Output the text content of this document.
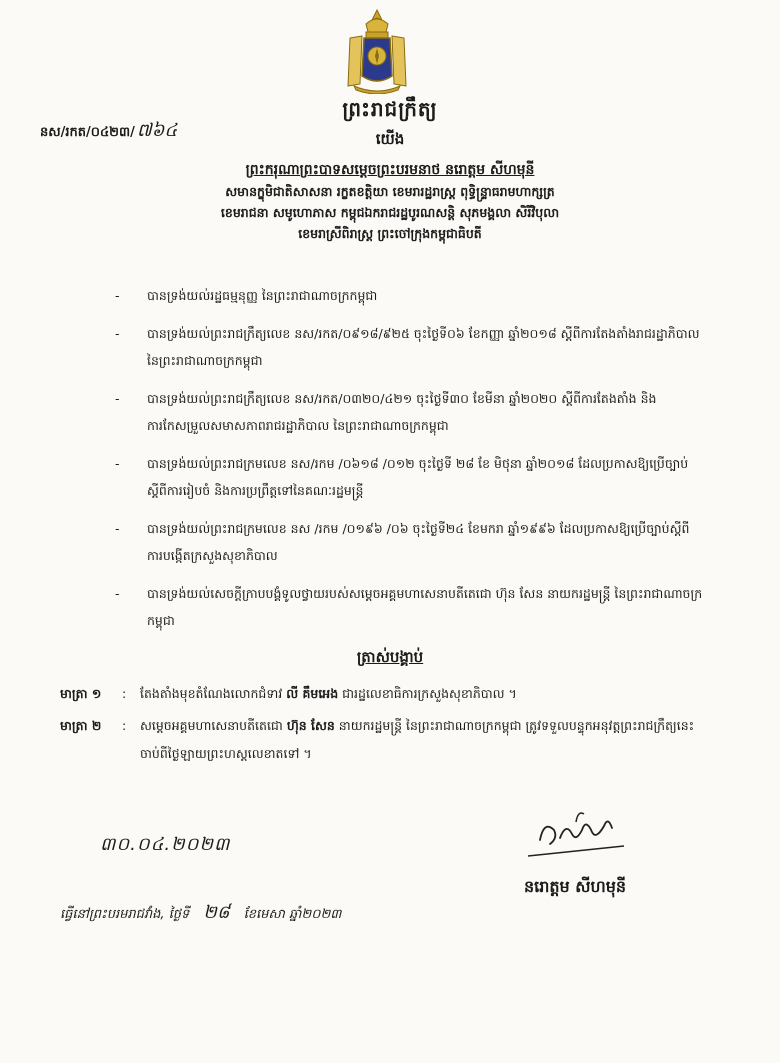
ព្រះរាជក្រឹត្យ
នស/រកត/០៤២៣/ ៧៦៤	យើង
ព្រះករុណាព្រះបាទសម្តេចព្រះបរមនាថ នរោត្តម សីហមុនី
សមានក្ខុមិជាតិសាសនា រក្ខតខត្តិយា ខេមរារដ្ឋរាស្ត្រ ពុទ្ធិន្ទ្រាធរាមហាក្សត្រ
ខេមរាជនា សមូហោភាស កម្ពុជឯករាជរដ្ឋបូរណសន្តិ សុភមង្គលា សិរីវិបុលា
ខេមរាស្រីពិរាស្ត្រ ព្រះចៅក្រុងកម្ពុជាធិបតី
-	បានទ្រង់យល់រដ្ឋធម្មនុញ្ញ នៃព្រះរាជាណាចក្រកម្ពុជា
-	បានទ្រង់យល់ព្រះរាជក្រឹត្យលេខ នស/រកត/០៩១៨/៩២៥ ចុះថ្ងៃទី០៦ ខែកញ្ញា ឆ្នាំ២០១៨ ស្តីពីការតែងតាំងរាជរដ្ឋាភិបាល នៃព្រះរាជាណាចក្រកម្ពុជា
-	បានទ្រង់យល់ព្រះរាជក្រឹត្យលេខ នស/រកត/០៣២០/៤២១ ចុះថ្ងៃទី៣០ ខែមីនា ឆ្នាំ២០២០ ស្តីពីការតែងតាំង និងការកែសម្រួលសមាសភាពរាជរដ្ឋាភិបាល នៃព្រះរាជាណាចក្រកម្ពុជា
-	បានទ្រង់យល់ព្រះរាជក្រមលេខ នស/រកម /០៦១៨ /០១២ ចុះថ្ងៃទី ២៨ ខែ មិថុនា ឆ្នាំ២០១៨ ដែលប្រកាសឱ្យប្រើច្បាប់ស្តីពីការរៀបចំ និងការប្រព្រឹត្តទៅនៃគណៈរដ្ឋមន្ត្រី
-	បានទ្រង់យល់ព្រះរាជក្រមលេខ នស /រកម /០១៩៦ /០៦ ចុះថ្ងៃទី២៤ ខែមករា ឆ្នាំ១៩៩៦ ដែលប្រកាសឱ្យប្រើច្បាប់ស្តីពីការបង្កើតក្រសួងសុខាភិបាល
-	បានទ្រង់យល់សេចក្តីក្រាបបង្គំទូលថ្វាយរបស់សម្តេចអគ្គមហាសេនាបតីតេជោ ហ៊ុន សែន នាយករដ្ឋមន្ត្រី នៃព្រះរាជាណាចក្រកម្ពុជា
ត្រាស់បង្គាប់
មាត្រា ១	:	តែងតាំងមុខតំណែងលោកជំទាវ លី គឹមអេង ជារដ្ឋលេខាធិការក្រសួងសុខាភិបាល ។
មាត្រា ២	:	សម្តេចអគ្គមហាសេនាបតីតេជោ ហ៊ុន សែន នាយករដ្ឋមន្ត្រី នៃព្រះរាជាណាចក្រកម្ពុជា ត្រូវទទួលបន្ទុកអនុវត្តព្រះរាជក្រឹត្យនេះ ចាប់ពីថ្ងៃឡាយព្រះហស្តលេខាតទៅ ។
៣០.០៤.២០២៣
នរោត្តម សីហមុនី
ធ្វើនៅព្រះបរមរាជវាំង, ថ្ងៃទី ២៨ ខែមេសា ឆ្នាំ២០២៣
